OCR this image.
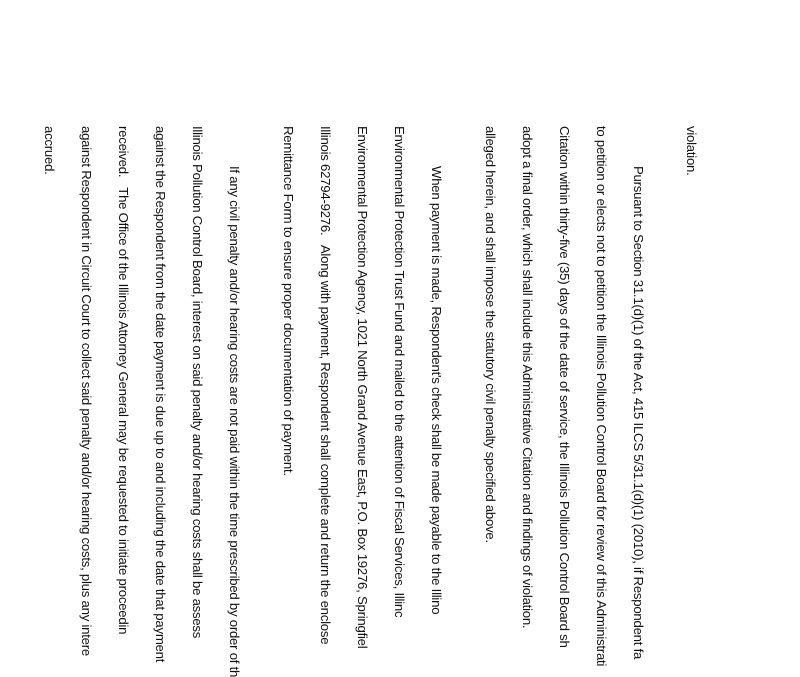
violation.
Pursuant to Section 31.1(d)(1) of the Act, 415 ILCS 5/31.1(d)(1) (2010), if Respondent fa
to petition or elects not to petition the Illinois Pollution Control Board for review of this Administrati
Citation within thirty-five (35) days of the date of service, the Illinois Pollution Control Board sh
adopt a final order, which shall include this Administrative Citation and findings of violation.
alleged herein, and shall impose the statutory civil penalty specified above.
When payment is made, Respondent's check shall be made payable to the Illino
Environmental Protection Trust Fund and mailed to the attention of Fiscal Services, Illinc
Environmental Protection Agency, 1021 North Grand Avenue East, P.O. Box 19276, Springfiel
Illinois 62794-9276.   Along with payment, Respondent shall complete and return the enclose
Remittance Form to ensure proper documentation of payment.
If any civil penalty and/or hearing costs are not paid within the time prescribed by order of th
Illinois Pollution Control Board, interest on said penalty and/or hearing costs shall be assess
against the Respondent from the date payment is due up to and including the date that payment
received.   The Office of the Illinois Attorney General may be requested to initiate proceedin
against Respondent in Circuit Court to collect said penalty and/or hearing costs, plus any intere
accrued.
